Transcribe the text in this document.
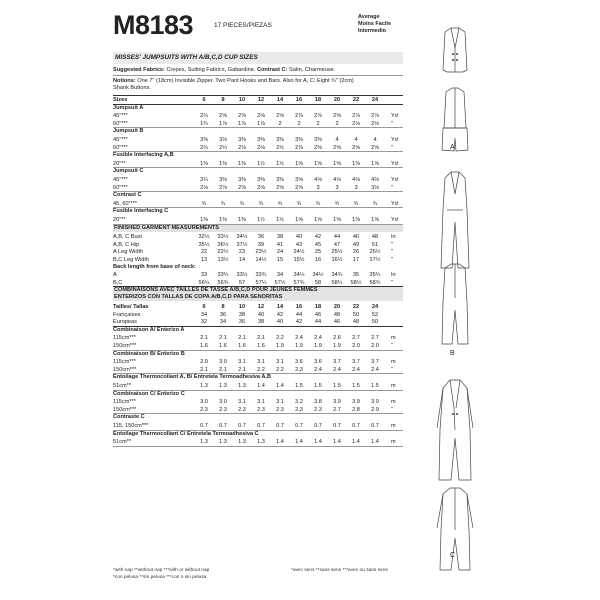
M8183	17 PIECES/PIEZAS
Average
Moins Facile
Intermedio
MISSES' JUMPSUITS WITH A/B,C,D CUP SIZES
Suggested Fabrics: Crepes, Suiting Fabrics, Gabardine. Contrast C: Satin, Charmeuse.
Notions: One 7" (18cm) Invisible Zipper. Two Pant Hooks and Bars. Also for A, C: Eight ¾" (2cm)
Shank Buttons.
Sizes	6	8	10	12	14	16	18	20	22	24
Jumpsuit A
45"***	2¼	2⅝	2⅝	2⅝	2⅝	2⅞	2⅞	2⅝	2⅞	2⅞	Yd
60"***	1¾	1⅞	1⅞	1⅞	2	2	2	2	2⅛	2⅛	"
Jumpsuit B
45"***	3⅜	3⅛	3⅜	3⅜	3⅜	3⅜	3⅜	4	4	4	Yd
60"***	2¼	2¼	2⅛	2⅛	2½	2⅞	2⅜	2⅝	2⅝	2⅝	"
Fusible Interfacing A,B
20"**	1⅜	1⅜	1⅜	1½	1½	1⅝	1⅝	1⅝	1⅝	1⅝	Yd
Jumpsuit C
45"***	3¼	3⅜	3⅜	3⅜	3⅜	3⅝	4⅛	4⅛	4⅛	4⅛	Yd
60"***	2⅛	2⅞	2⅝	2⅝	2⅝	2⅝	3	3	3	3⅛	"
Contrast C
45, 60"***	¾	¾	¾	¾	¾	¾	¾	¾	¾	¾	Yd
Fusible Interfacing C
20"**	1⅜	1⅜	1⅜	1½	1½	1⅝	1⅝	1⅝	1⅝	1⅝	Yd
FINISHED GARMENT MEASUREMENTS
A,B, C Bust	32½	33½	34½	36	38	40	42	44	46	48	In
A,B, C Hip	35½	36½	37½	39	41	43	45	47	49	51	"
A Leg Width	22	22½	23	23½	24	24½	25	25½	26	26½	"
B,C Leg Width	13	13½	14	14½	15	15½	16	16½	17	17½	"
Back length from base of neck:
A	33	33¼	33½	33¾	34	34¼	34½	34¾	35	35¼	In
B,C	56¼	56¾	57	57¼	57½	57¾	58	58¼	58½	58¾	"
COMBINAISONS AVEC TAILLES DE TASSE A/B,C,D POUR JEUNES FEMMES
ENTERIZOS CON TALLAS DE COPA A/B,C,D PARA SEÑORITAS
Tailles/ Tallas	6	8	10	12	14	16	18	20	22	24
Françaises	34	36	38	40	42	44	46	48	50	52
Europeas	32	34	36	38	40	42	44	46	48	50
Combinaison A/ Enterizo A
115cm***	2.1	2.1	2.1	2.1	2.2	2.4	2.4	2.6	2.7	2.7	m
150cm***	1.6	1.6	1.6	1.6	1.9	1.9	1.9	1.9	2.0	2.0	"
Combinaison B/ Enterizo B
115cm***	2.9	3.0	3.1	3.1	3.1	3.6	3.6	3.7	3.7	3.7	m
150cm***	2.1	2.1	2.1	2.2	2.2	2.3	2.4	2.4	2.4	2.4	"
Entoilage Thermocollant A, B/ Entretela Termoadhesiva A,B
51cm**	1.3	1.3	1.3	1.4	1.4	1.5	1.5	1.5	1.5	1.5	m
Combinaison C/ Enterizo C
115cm***	3.0	3.0	3.1	3.1	3.1	3.2	3.8	3.9	3.9	3.9	m
150cm***	2.3	2.3	2.3	2.3	2.3	2.3	2.3	2.7	2.8	2.9	"
Contraste C
115, 150cm***	0.7	0.7	0.7	0.7	0.7	0.7	0.7	0.7	0.7	0.7	m
Entoilage Thermocollant C/ Entretela Termoadhesiva C
51cm**	1.3	1.3	1.3	1.3	1.4	1.4	1.4	1.4	1.4	1.4	m
*with nap **without nap ***with or without nap
*con pelusa **sin pelusa ***con o sin pelusa
*avec sens **sans sens ***avec ou sans sens
A
B
C
